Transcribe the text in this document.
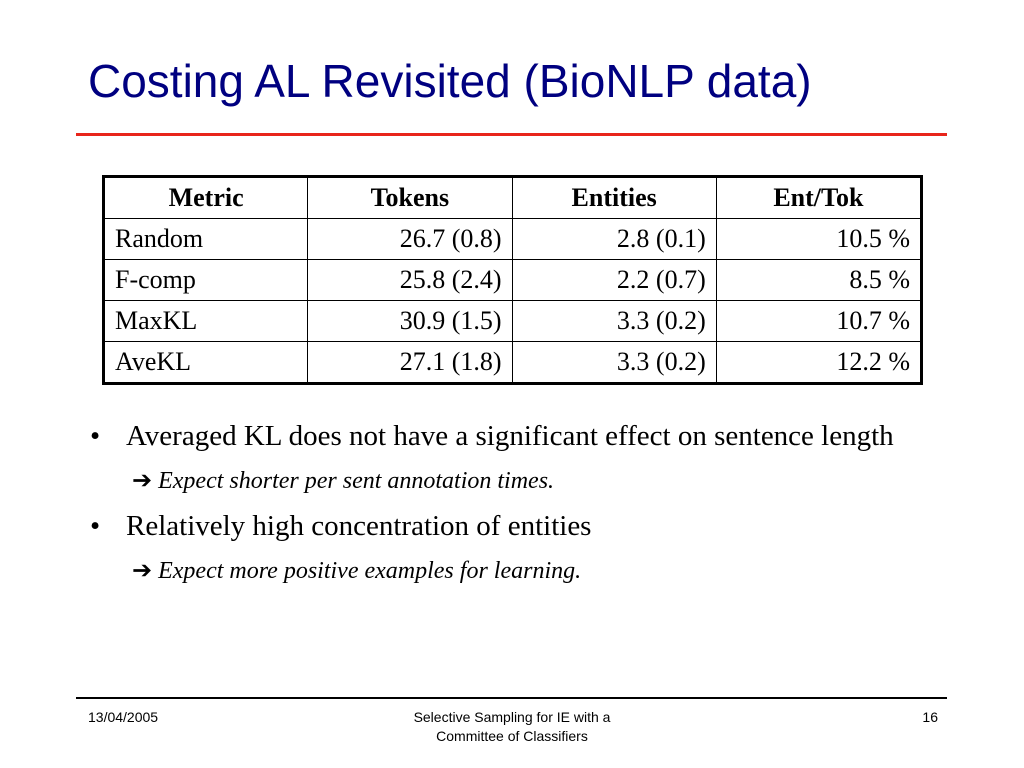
Costing AL Revisited (BioNLP data)
Metric	Tokens	Entities	Ent/Tok
Random	26.7 (0.8)	2.8 (0.1)	10.5 %
F-comp	25.8 (2.4)	2.2 (0.7)	8.5 %
MaxKL	30.9 (1.5)	3.3 (0.2)	10.7 %
AveKL	27.1 (1.8)	3.3 (0.2)	12.2 %
• Averaged KL does not have a significant effect on sentence length
➔ Expect shorter per sent annotation times.
• Relatively high concentration of entities
➔ Expect more positive examples for learning.
13/04/2005	Selective Sampling for IE with a
Committee of Classifiers
16
